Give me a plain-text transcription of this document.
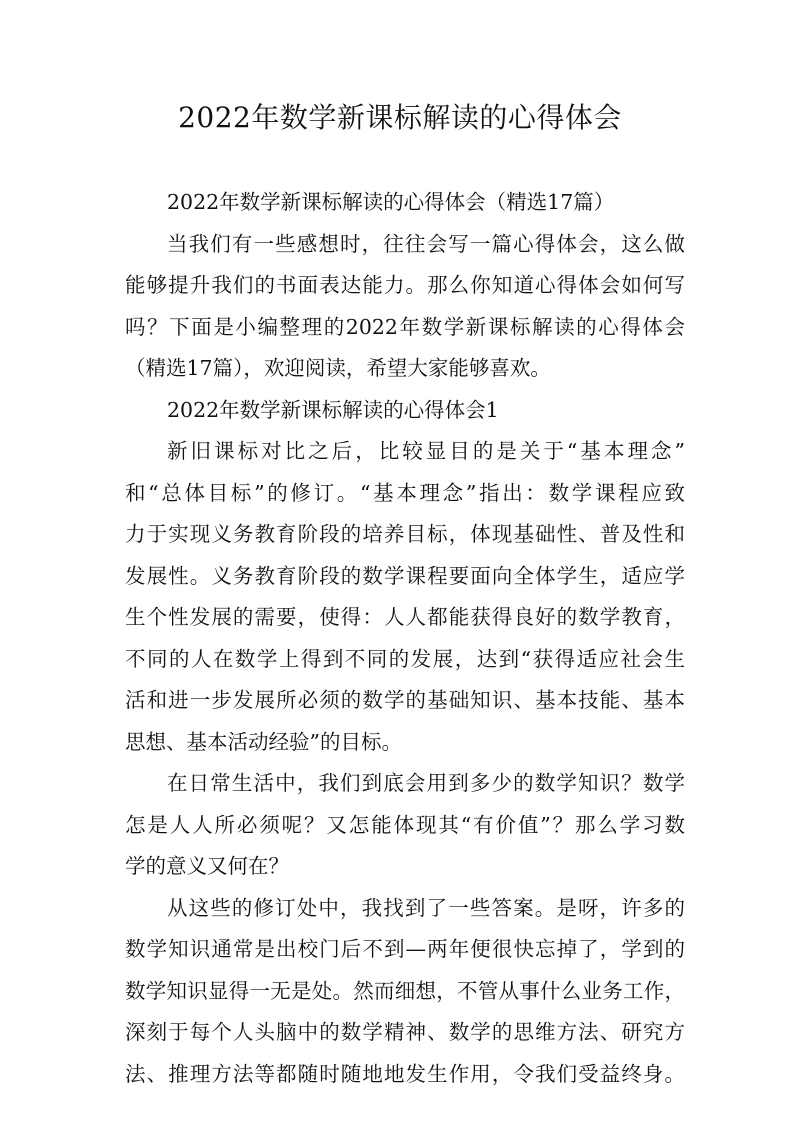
2022年数学新课标解读的心得体会
2022年数学新课标解读的心得体会（精选17篇）
当我们有一些感想时，往往会写一篇心得体会，这么做
能够提升我们的书面表达能力。那么你知道心得体会如何写
吗？下面是小编整理的2022年数学新课标解读的心得体会
（精选17篇），欢迎阅读，希望大家能够喜欢。
2022年数学新课标解读的心得体会1
新旧课标对比之后，比较显目的是关于“基本理念”
和“总体目标”的修订。“基本理念”指出：数学课程应致
力于实现义务教育阶段的培养目标，体现基础性、普及性和
发展性。义务教育阶段的数学课程要面向全体学生，适应学
生个性发展的需要，使得：人人都能获得良好的数学教育，
不同的人在数学上得到不同的发展，达到“获得适应社会生
活和进一步发展所必须的数学的基础知识、基本技能、基本
思想、基本活动经验”的目标。
在日常生活中，我们到底会用到多少的数学知识？数学
怎是人人所必须呢？又怎能体现其“有价值”？那么学习数
学的意义又何在？
从这些的修订处中，我找到了一些答案。是呀，许多的
数学知识通常是出校门后不到—两年便很快忘掉了，学到的
数学知识显得一无是处。然而细想，不管从事什么业务工作，
深刻于每个人头脑中的数学精神、数学的思维方法、研究方
法、推理方法等都随时随地地发生作用，令我们受益终身。
